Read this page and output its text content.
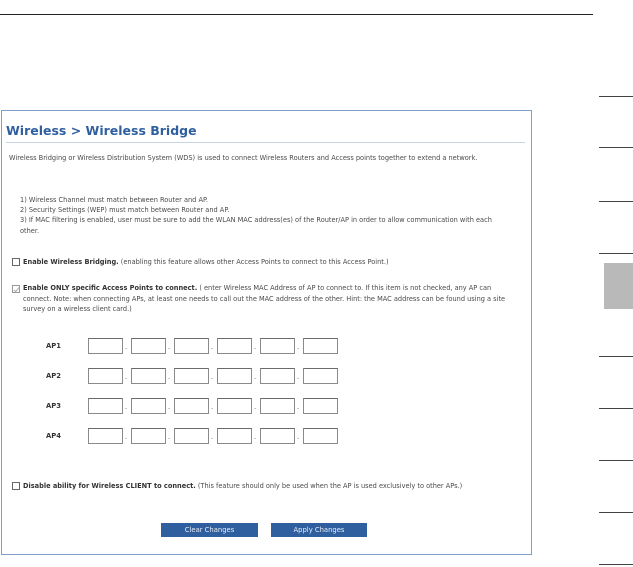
Wireless > Wireless Bridge
Wireless Bridging or Wireless Distribution System (WDS) is used to connect Wireless Routers and Access points together to extend a network.
1) Wireless Channel must match between Router and AP.
2) Security Settings (WEP) must match between Router and AP.
3) If MAC filtering is enabled, user must be sure to add the WLAN MAC address(es) of the Router/AP in order to allow communication with each other.
Enable Wireless Bridging. (enabling this feature allows other Access Points to connect to this Access Point.)
Enable ONLY specific Access Points to connect. ( enter Wireless MAC Address of AP to connect to. If this item is not checked, any AP can connect. Note: when connecting APs, at least one needs to call out the MAC address of the other. Hint: the MAC address can be found using a site survey on a wireless client card.)
AP1	-	-	-	-	-
AP2	-	-	-	-	-
AP3	-	-	-	-	-
AP4	-	-	-	-	-
Disable ability for Wireless CLIENT to connect. (This feature should only be used when the AP is used exclusively to other APs.)
Clear Changes	Apply Changes
